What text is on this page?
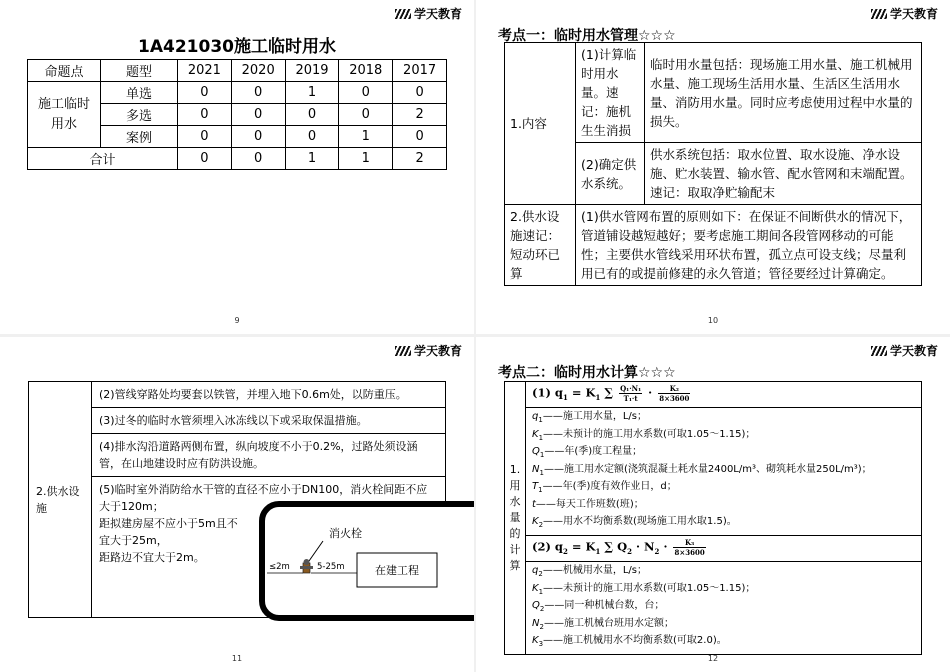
学天教育
1A421030施工临时用水
命题点	题型	2021	2020	2019	2018	2017
施工临时用水	单选	0	0	1	0	0
	多选	0	0	0	0	2
	案例	0	0	0	1	0
合计		0	0	1	1	2
9
学天教育
考点一：临时用水管理☆☆☆
1.内容	(1)计算临时用水量。速记：施机生生消损	临时用水量包括：现场施工用水量、施工机械用水量、施工现场生活用水量、生活区生活用水量、消防用水量。同时应考虑使用过程中水量的损失。
	(2)确定供水系统。	供水系统包括：取水位置、取水设施、净水设施、贮水装置、输水管、配水管网和末端配置。速记：取取净贮输配末
2.供水设施速记：短动环已算	(1)供水管网布置的原则如下：在保证不间断供水的情况下，管道铺设越短越好；要考虑施工期间各段管网移动的可能性；主要供水管线采用环状布置，孤立点可设支线；尽量利用已有的或提前修建的永久管道；管径要经过计算确定。	
10
学天教育
2.供水设施	(2)管线穿路处均要套以铁管，并埋入地下0.6m处，以防重压。
(3)过冬的临时水管须埋入冰冻线以下或采取保温措施。
(4)排水沟沿道路两侧布置，纵向坡度不小于0.2%，过路处须设涵管，在山地建设时应有防洪设施。

(5)临时室外消防给水干管的直径不应小于DN100，消火栓间距不应大于120m；
距拟建房屋不应小于5m且不宜大于25m，
距路边不宜大于2m。
消火栓
≤2m	5-25m	在建工程
11
学天教育
考点二：临时用水计算☆☆☆
1.用水量的计算
	(1) $q_1 = K_1$ ∑ $\frac{\text{Q₁·N₁}}{\text{T₁·t}} \cdot \frac{\text{K₂}}{8\times 3600}$

$q_1——$施工用水量，L/s；
$K_1——$未预计的施工用水系数(可取1.05～1.15)；
$Q_1——$年(季)度工程量；
$N_1——$施工用水定额(浇筑混凝土耗水量2400L/m³、砌筑耗水量250L/m³)；
$T_1——$年(季)度有效作业日，d；
t——每天工作班数(班)；
$K_2——$用水不均衡系数(现场施工用水取1.5)。

(2) $q_2 = K_1$ ∑ $Q_2 \cdot N_2 \cdot \frac{\text{K₃}}{8\times 3600}$

$q_2——$机械用水量，L/s；
$K_1——$未预计的施工用水系数(可取1.05～1.15)；
$Q_2——$同一种机械台数，台；
$N_2——$施工机械台班用水定额；
$K_3——$施工机械用水不均衡系数(可取2.0)。
12
